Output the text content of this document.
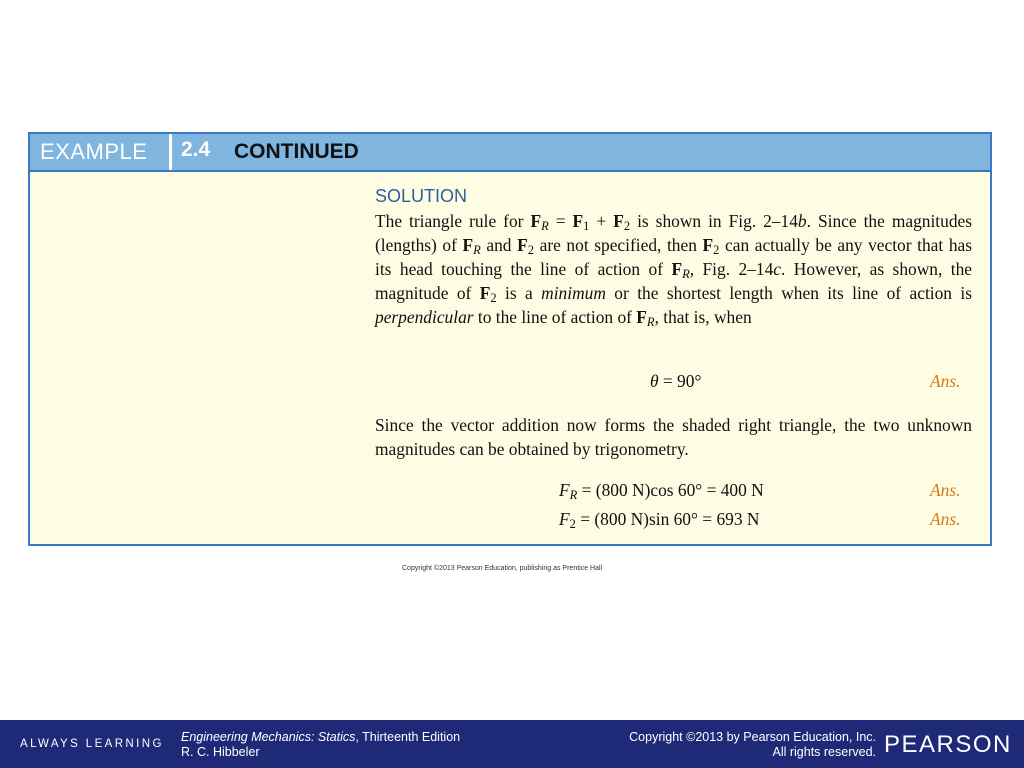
EXAMPLE 2.4 CONTINUED
SOLUTION
The triangle rule for $F_R = F_1 + F_2$ is shown in Fig. 2–14b. Since the magnitudes (lengths) of $F_R$ and $F_2$ are not specified, then $F_2$ can actually be any vector that has its head touching the line of action of $F_R$, Fig. 2–14c. However, as shown, the magnitude of $F_2$ is a minimum or the shortest length when its line of action is perpendicular to the line of action of $F_R$, that is, when
θ = 90°	Ans.
Since the vector addition now forms the shaded right triangle, the two unknown magnitudes can be obtained by trigonometry.
$F_R = (800$ N)cos 60° = 400 N	Ans.
$F_2 = (800$ N)sin 60° = 693 N	Ans.
Copyright ©2013 Pearson Education, publishing as Prentice Hall
ALWAYS LEARNING Engineering Mechanics: Statics, Thirteenth Edition
R. C. Hibbeler
Copyright ©2013 by Pearson Education, Inc.
All rights reserved. PEARSON
